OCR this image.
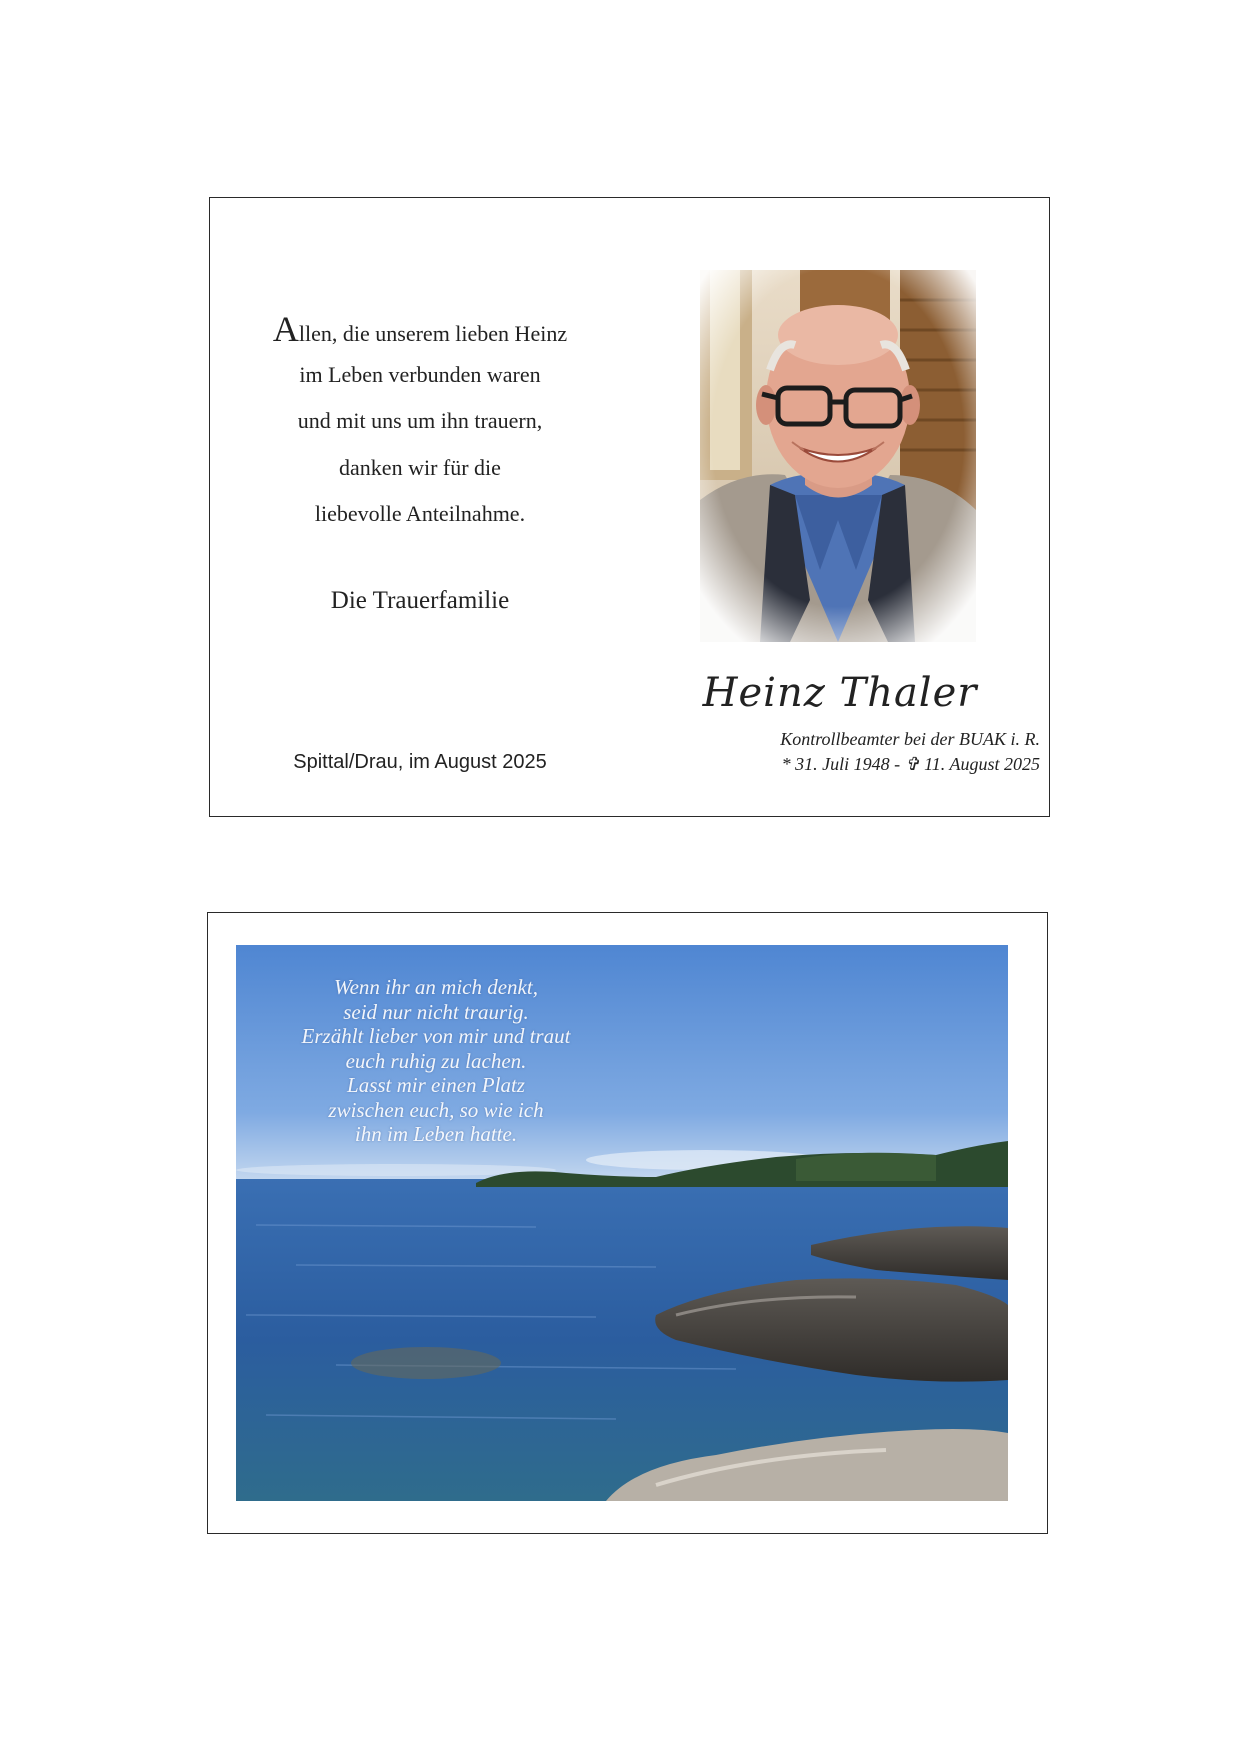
Allen, die unserem lieben Heinz
im Leben verbunden waren
und mit uns um ihn trauern,
danken wir für die
liebevolle Anteilnahme.
Die Trauerfamilie
Spittal/Drau, im August 2025
Heinz Thaler
Kontrollbeamter bei der BUAK i. R.
* 31. Juli 1948 - ✞ 11. August 2025
Wenn ihr an mich denkt,
seid nur nicht traurig.
Erzählt lieber von mir und traut
euch ruhig zu lachen.
Lasst mir einen Platz
zwischen euch, so wie ich
ihn im Leben hatte.
